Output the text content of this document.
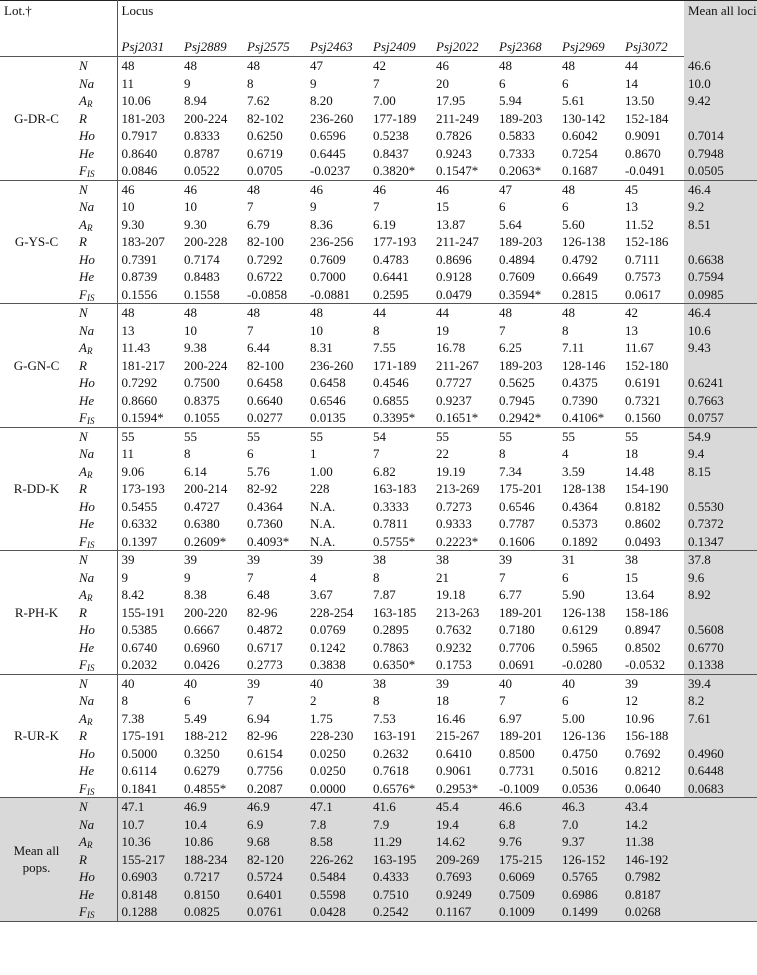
Lot.†		Locus									Mean all loci
		Psj2031	Psj2889	Psj2575	Psj2463	Psj2409	Psj2022	Psj2368	Psj2969	Psj3072	
G-DR-C	N	48	48	48	47	42	46	48	48	44	46.6
	Na	11	9	8	9	7	20	6	6	14	10.0
	$A_R$	10.06	8.94	7.62	8.20	7.00	17.95	5.94	5.61	13.50	9.42
	R	181-203	200-224	82-102	236-260	177-189	211-249	189-203	130-142	152-184	
	Ho	0.7917	0.8333	0.6250	0.6596	0.5238	0.7826	0.5833	0.6042	0.9091	0.7014
	He	0.8640	0.8787	0.6719	0.6445	0.8437	0.9243	0.7333	0.7254	0.8670	0.7948
	$F_{IS}$	0.0846	0.0522	0.0705	-0.0237	0.3820*	0.1547*	0.2063*	0.1687	-0.0491	0.0505
G-YS-C	N	46	46	48	46	46	46	47	48	45	46.4
	Na	10	10	7	9	7	15	6	6	13	9.2
	$A_R$	9.30	9.30	6.79	8.36	6.19	13.87	5.64	5.60	11.52	8.51
	R	183-207	200-228	82-100	236-256	177-193	211-247	189-203	126-138	152-186	
	Ho	0.7391	0.7174	0.7292	0.7609	0.4783	0.8696	0.4894	0.4792	0.7111	0.6638
	He	0.8739	0.8483	0.6722	0.7000	0.6441	0.9128	0.7609	0.6649	0.7573	0.7594
	$F_{IS}$	0.1556	0.1558	-0.0858	-0.0881	0.2595	0.0479	0.3594*	0.2815	0.0617	0.0985
G-GN-C	N	48	48	48	48	44	44	48	48	42	46.4
	Na	13	10	7	10	8	19	7	8	13	10.6
	$A_R$	11.43	9.38	6.44	8.31	7.55	16.78	6.25	7.11	11.67	9.43
	R	181-217	200-224	82-100	236-260	171-189	211-267	189-203	128-146	152-180	
	Ho	0.7292	0.7500	0.6458	0.6458	0.4546	0.7727	0.5625	0.4375	0.6191	0.6241
	He	0.8660	0.8375	0.6640	0.6546	0.6855	0.9237	0.7945	0.7390	0.7321	0.7663
	$F_{IS}$	0.1594*	0.1055	0.0277	0.0135	0.3395*	0.1651*	0.2942*	0.4106*	0.1560	0.0757
R-DD-K	N	55	55	55	55	54	55	55	55	55	54.9
	Na	11	8	6	1	7	22	8	4	18	9.4
	$A_R$	9.06	6.14	5.76	1.00	6.82	19.19	7.34	3.59	14.48	8.15
	R	173-193	200-214	82-92	228	163-183	213-269	175-201	128-138	154-190	
	Ho	0.5455	0.4727	0.4364	N.A.	0.3333	0.7273	0.6546	0.4364	0.8182	0.5530
	He	0.6332	0.6380	0.7360	N.A.	0.7811	0.9333	0.7787	0.5373	0.8602	0.7372
	$F_{IS}$	0.1397	0.2609*	0.4093*	N.A.	0.5755*	0.2223*	0.1606	0.1892	0.0493	0.1347
R-PH-K	N	39	39	39	39	38	38	39	31	38	37.8
	Na	9	9	7	4	8	21	7	6	15	9.6
	$A_R$	8.42	8.38	6.48	3.67	7.87	19.18	6.77	5.90	13.64	8.92
	R	155-191	200-220	82-96	228-254	163-185	213-263	189-201	126-138	158-186	
	Ho	0.5385	0.6667	0.4872	0.0769	0.2895	0.7632	0.7180	0.6129	0.8947	0.5608
	He	0.6740	0.6960	0.6717	0.1242	0.7863	0.9232	0.7706	0.5965	0.8502	0.6770
	$F_{IS}$	0.2032	0.0426	0.2773	0.3838	0.6350*	0.1753	0.0691	-0.0280	-0.0532	0.1338
R-UR-K	N	40	40	39	40	38	39	40	40	39	39.4
	Na	8	6	7	2	8	18	7	6	12	8.2
	$A_R$	7.38	5.49	6.94	1.75	7.53	16.46	6.97	5.00	10.96	7.61
	R	175-191	188-212	82-96	228-230	163-191	215-267	189-201	126-136	156-188	
	Ho	0.5000	0.3250	0.6154	0.0250	0.2632	0.6410	0.8500	0.4750	0.7692	0.4960
	He	0.6114	0.6279	0.7756	0.0250	0.7618	0.9061	0.7731	0.5016	0.8212	0.6448
	$F_{IS}$	0.1841	0.4855*	0.2087	0.0000	0.6576*	0.2953*	-0.1009	0.0536	0.0640	0.0683
Mean all pops.	N	47.1	46.9	46.9	47.1	41.6	45.4	46.6	46.3	43.4	
	Na	10.7	10.4	6.9	7.8	7.9	19.4	6.8	7.0	14.2	
	$A_R$	10.36	10.86	9.68	8.58	11.29	14.62	9.76	9.37	11.38	
	R	155-217	188-234	82-120	226-262	163-195	209-269	175-215	126-152	146-192	
	Ho	0.6903	0.7217	0.5724	0.5484	0.4333	0.7693	0.6069	0.5765	0.7982	
	He	0.8148	0.8150	0.6401	0.5598	0.7510	0.9249	0.7509	0.6986	0.8187	
	$F_{IS}$	0.1288	0.0825	0.0761	0.0428	0.2542	0.1167	0.1009	0.1499	0.0268	
